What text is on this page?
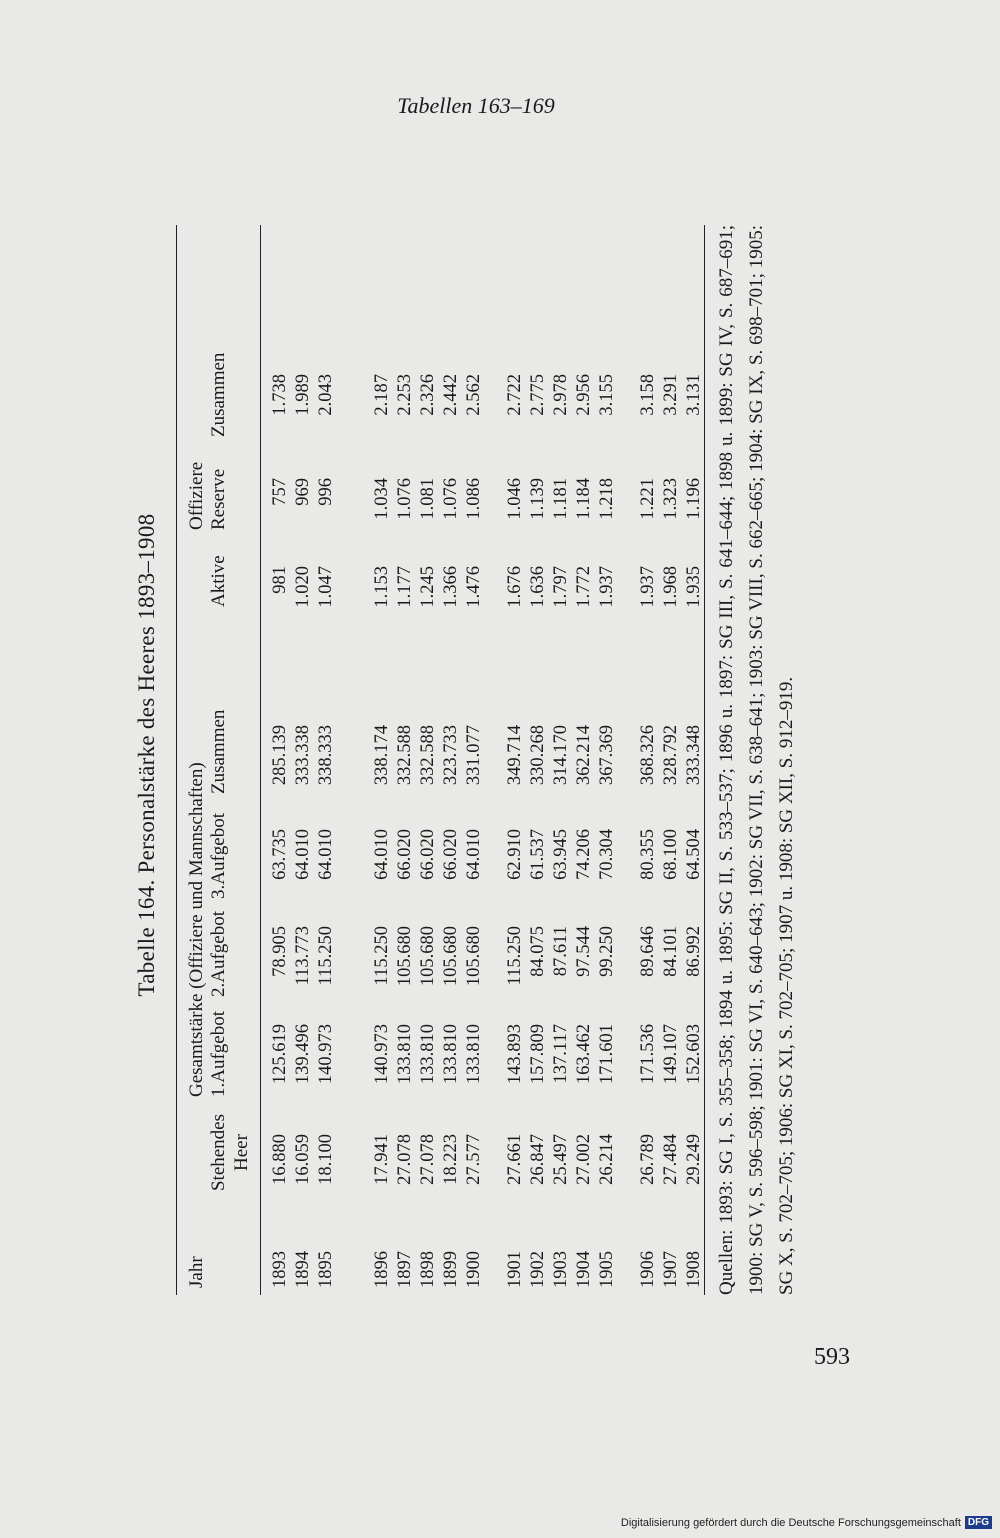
Tabellen 163–169
Tabelle 164. Personalstärke des Heeres 1893–1908
Jahr
Stehendes Heer
Gesamtstärke (Offiziere und Mannschaften) 1.Aufgebot
2.Aufgebot
3.Aufgebot
Zusammen
Offiziere
Aktive
Reserve
Zusammen
1893
16.880
125.619
78.905
63.735
285.139
981
757
1.738
1894
16.059
139.496
113.773
64.010
333.338
1.020
969
1.989
1895
18.100
140.973
115.250
64.010
338.333
1.047
996
2.043
1896
17.941
140.973
115.250
64.010
338.174
1.153
1.034
2.187
1897
27.078
133.810
105.680
66.020
332.588
1.177
1.076
2.253
1898
27.078
133.810
105.680
66.020
332.588
1.245
1.081
2.326
1899
18.223
133.810
105.680
66.020
323.733
1.366
1.076
2.442
1900
27.577
133.810
105.680
64.010
331.077
1.476
1.086
2.562
1901
27.661
143.893
115.250
62.910
349.714
1.676
1.046
2.722
1902
26.847
157.809
84.075
61.537
330.268
1.636
1.139
2.775
1903
25.497
137.117
87.611
63.945
314.170
1.797
1.181
2.978
1904
27.002
163.462
97.544
74.206
362.214
1.772
1.184
2.956
1905
26.214
171.601
99.250
70.304
367.369
1.937
1.218
3.155
1906
26.789
171.536
89.646
80.355
368.326
1.937
1.221
3.158
1907
27.484
149.107
84.101
68.100
328.792
1.968
1.323
3.291
1908
29.249
152.603
86.992
64.504
333.348
1.935
1.196
3.131 Quellen: 1893: SG I, S. 355–358; 1894 u. 1895: SG II, S. 533–537; 1896 u. 1897: SG III, S. 641–644; 1898 u. 1899: SG IV, S. 687–691; 1900: SG V, S. 596–598; 1901: SG VI, S. 640–643; 1902: SG VII, S. 638–641; 1903: SG VIII, S. 662–665; 1904: SG IX, S. 698–701; 1905: SG X, S. 702–705; 1906: SG XI, S. 702–705; 1907 u. 1908: SG XII, S. 912–919.
593
Digitalisierung gefördert durch die Deutsche Forschungsgemeinschaft DFG
